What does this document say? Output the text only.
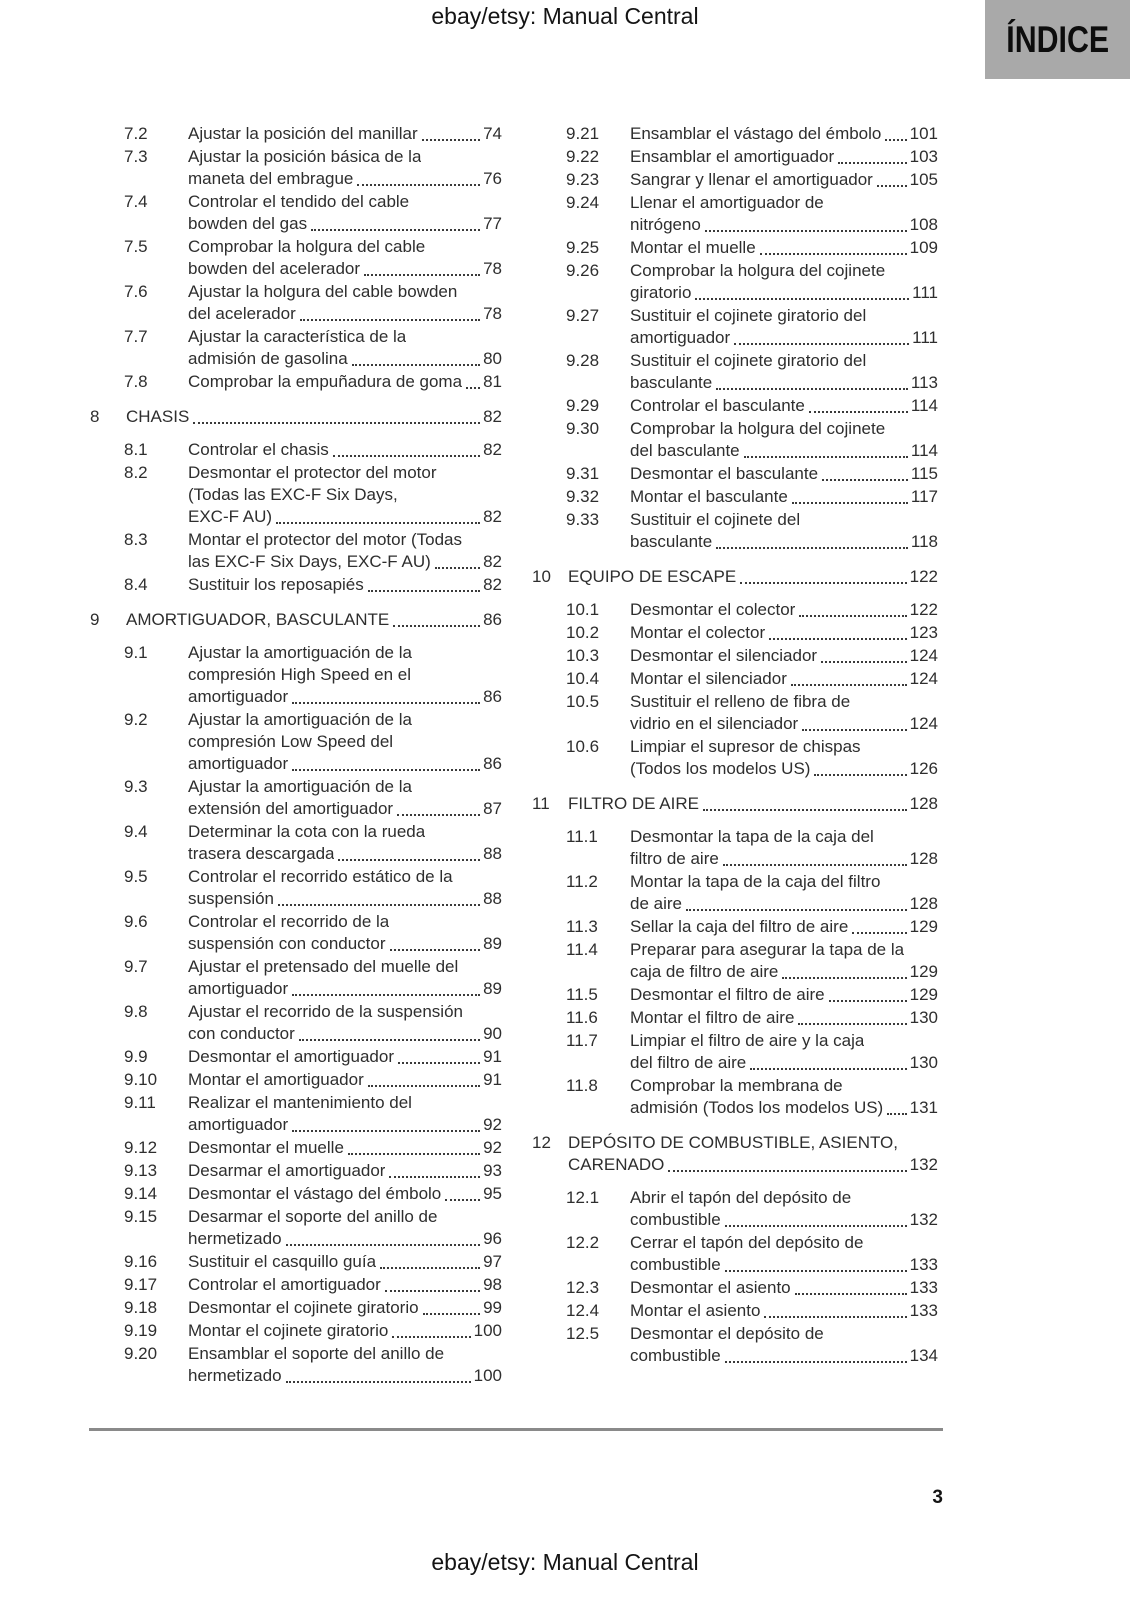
ebay/etsy: Manual Central
ÍNDICE
7.2	Ajustar la posición del manillar	74
7.3	Ajustar la posición básica de la
maneta del embrague	76
7.4	Controlar el tendido del cable
bowden del gas	77
7.5	Comprobar la holgura del cable
bowden del acelerador	78
7.6	Ajustar la holgura del cable bowden
del acelerador	78
7.7	Ajustar la característica de la
admisión de gasolina	80
7.8	Comprobar la empuñadura de goma 81
8	CHASIS	82
8.1	Controlar el chasis	82
8.2	Desmontar el protector del motor
(Todas las EXC-F Six Days,
EXC-F AU)	82
8.3	Montar el protector del motor (Todas
las EXC-F Six Days, EXC-F AU)	82
8.4	Sustituir los reposapiés	82
9	AMORTIGUADOR, BASCULANTE	86
9.1	Ajustar la amortiguación de la
compresión High Speed en el
amortiguador	86
9.2	Ajustar la amortiguación de la
compresión Low Speed del
amortiguador	86
9.3	Ajustar la amortiguación de la
extensión del amortiguador	87
9.4	Determinar la cota con la rueda
trasera descargada	88
9.5	Controlar el recorrido estático de la
suspensión	88
9.6	Controlar el recorrido de la
suspensión con conductor	89
9.7	Ajustar el pretensado del muelle del
amortiguador	89
9.8	Ajustar el recorrido de la suspensión
con conductor	90
9.9	Desmontar el amortiguador	91
9.10	Montar el amortiguador	91
9.11	Realizar el mantenimiento del
amortiguador	92
9.12	Desmontar el muelle	92
9.13	Desarmar el amortiguador	93
9.14	Desmontar el vástago del émbolo 95
9.15	Desarmar el soporte del anillo de
hermetizado	96
9.16	Sustituir el casquillo guía	97
9.17	Controlar el amortiguador	98
9.18	Desmontar el cojinete giratorio	99
9.19	Montar el cojinete giratorio	100
9.20	Ensamblar el soporte del anillo de
hermetizado	100
9.21	Ensamblar el vástago del émbolo 101
9.22	Ensamblar el amortiguador	103
9.23	Sangrar y llenar el amortiguador 105
9.24	Llenar el amortiguador de
nitrógeno	108
9.25	Montar el muelle	109
9.26	Comprobar la holgura del cojinete
giratorio	111
9.27	Sustituir el cojinete giratorio del
amortiguador	111
9.28	Sustituir el cojinete giratorio del
basculante	113
9.29	Controlar el basculante	114
9.30	Comprobar la holgura del cojinete
del basculante	114
9.31	Desmontar el basculante	115
9.32	Montar el basculante	117
9.33	Sustituir el cojinete del
basculante	118
10	EQUIPO DE ESCAPE	122
10.1	Desmontar el colector	122
10.2	Montar el colector	123
10.3	Desmontar el silenciador	124
10.4	Montar el silenciador	124
10.5	Sustituir el relleno de fibra de
vidrio en el silenciador	124
10.6	Limpiar el supresor de chispas
(Todos los modelos US)	126
11	FILTRO DE AIRE	128
11.1	Desmontar la tapa de la caja del
filtro de aire	128
11.2	Montar la tapa de la caja del filtro
de aire	128
11.3	Sellar la caja del filtro de aire	129
11.4	Preparar para asegurar la tapa de la
caja de filtro de aire	129
11.5	Desmontar el filtro de aire	129
11.6	Montar el filtro de aire	130
11.7	Limpiar el filtro de aire y la caja
del filtro de aire	130
11.8	Comprobar la membrana de
admisión (Todos los modelos US) 131
12	DEPÓSITO DE COMBUSTIBLE, ASIENTO,
CARENADO	132
12.1	Abrir el tapón del depósito de
combustible	132
12.2	Cerrar el tapón del depósito de
combustible	133
12.3	Desmontar el asiento	133
12.4	Montar el asiento	133
12.5	Desmontar el depósito de
combustible	134
3
ebay/etsy: Manual Central
